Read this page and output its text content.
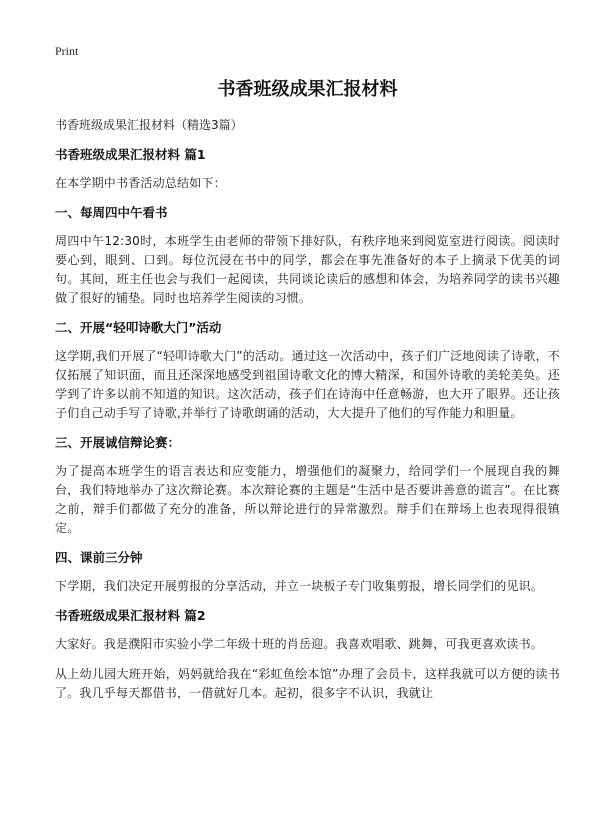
Print
书香班级成果汇报材料

书香班级成果汇报材料（精选3篇）

书香班级成果汇报材料 篇1

在本学期中书香活动总结如下：

一、每周四中午看书

周四中午12:30时，本班学生由老师的带领下排好队，有秩序地来到阅览室进行阅读。阅读时要心到，眼到、口到。每位沉浸在书中的同学，都会在事先准备好的本子上摘录下优美的词句。其间，班主任也会与我们一起阅读，共同谈论读后的感想和体会，为培养同学的读书兴趣做了很好的铺垫。同时也培养学生阅读的习惯。

二、开展“轻叩诗歌大门”活动

这学期,我们开展了“轻叩诗歌大门”的活动。通过这一次活动中，孩子们广泛地阅读了诗歌，不仅拓展了知识面，而且还深深地感受到祖国诗歌文化的博大精深，和国外诗歌的美轮美奂。还学到了许多以前不知道的知识。这次活动，孩子们在诗海中任意畅游，也大开了眼界。还让孩子们自己动手写了诗歌,并举行了诗歌朗诵的活动，大大提升了他们的写作能力和胆量。

三、开展诚信辩论赛：

为了提高本班学生的语言表达和应变能力，增强他们的凝聚力，给同学们一个展现自我的舞台，我们特地举办了这次辩论赛。本次辩论赛的主题是“生活中是否要讲善意的谎言”。在比赛之前，辩手们都做了充分的准备，所以辩论进行的异常激烈。辩手们在辩场上也表现得很镇定。

四、课前三分钟

下学期，我们决定开展剪报的分享活动，并立一块板子专门收集剪报，增长同学们的见识。

书香班级成果汇报材料 篇2

大家好。我是濮阳市实验小学二年级十班的肖岳迎。我喜欢唱歌、跳舞，可我更喜欢读书。

从上幼儿园大班开始，妈妈就给我在“彩虹鱼绘本馆”办理了会员卡，这样我就可以方便的读书了。我几乎每天都借书，一借就好几本。起初，很多字不认识，我就让
